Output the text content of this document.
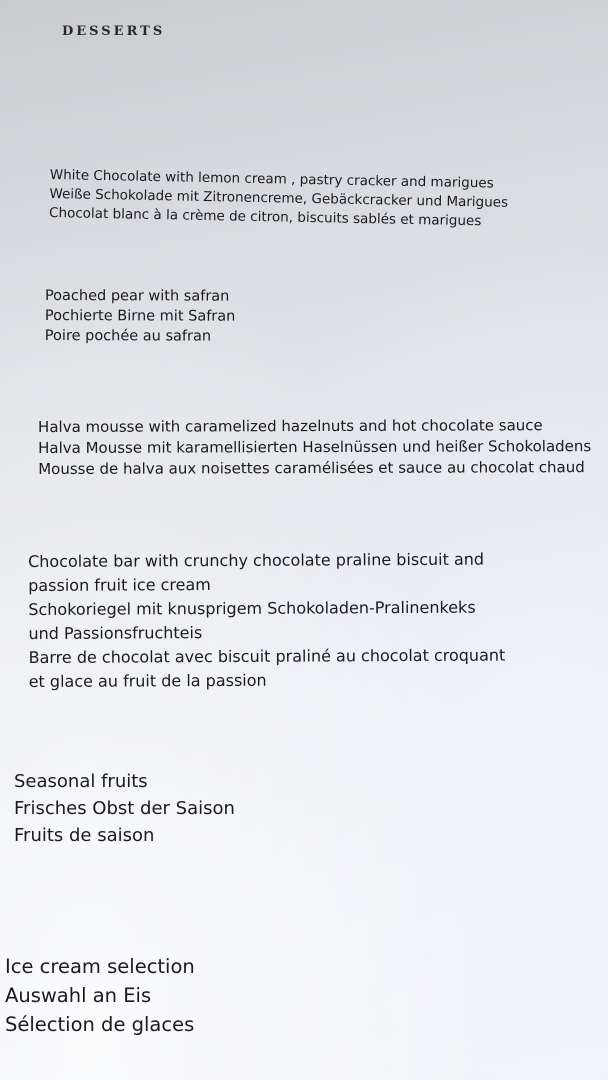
DESSERTS
White Chocolate with lemon cream , pastry cracker and marigues
Weiße Schokolade mit Zitronencreme, Gebäckcracker und Marigues
Chocolat blanc à la crème de citron, biscuits sablés et marigues
Poached pear with safran
Pochierte Birne mit Safran
Poire pochée au safran
Halva mousse with caramelized hazelnuts and hot chocolate sauce
Halva Mousse mit karamellisierten Haselnüssen und heißer Schokoladens
Mousse de halva aux noisettes caramélisées et sauce au chocolat chaud
Chocolate bar with crunchy chocolate praline biscuit and
passion fruit ice cream
Schokoriegel mit knusprigem Schokoladen-Pralinenkeks
und Passionsfruchteis
Barre de chocolat avec biscuit praliné au chocolat croquant
et glace au fruit de la passion
Seasonal fruits
Frisches Obst der Saison
Fruits de saison
Ice cream selection
Auswahl an Eis
Sélection de glaces
